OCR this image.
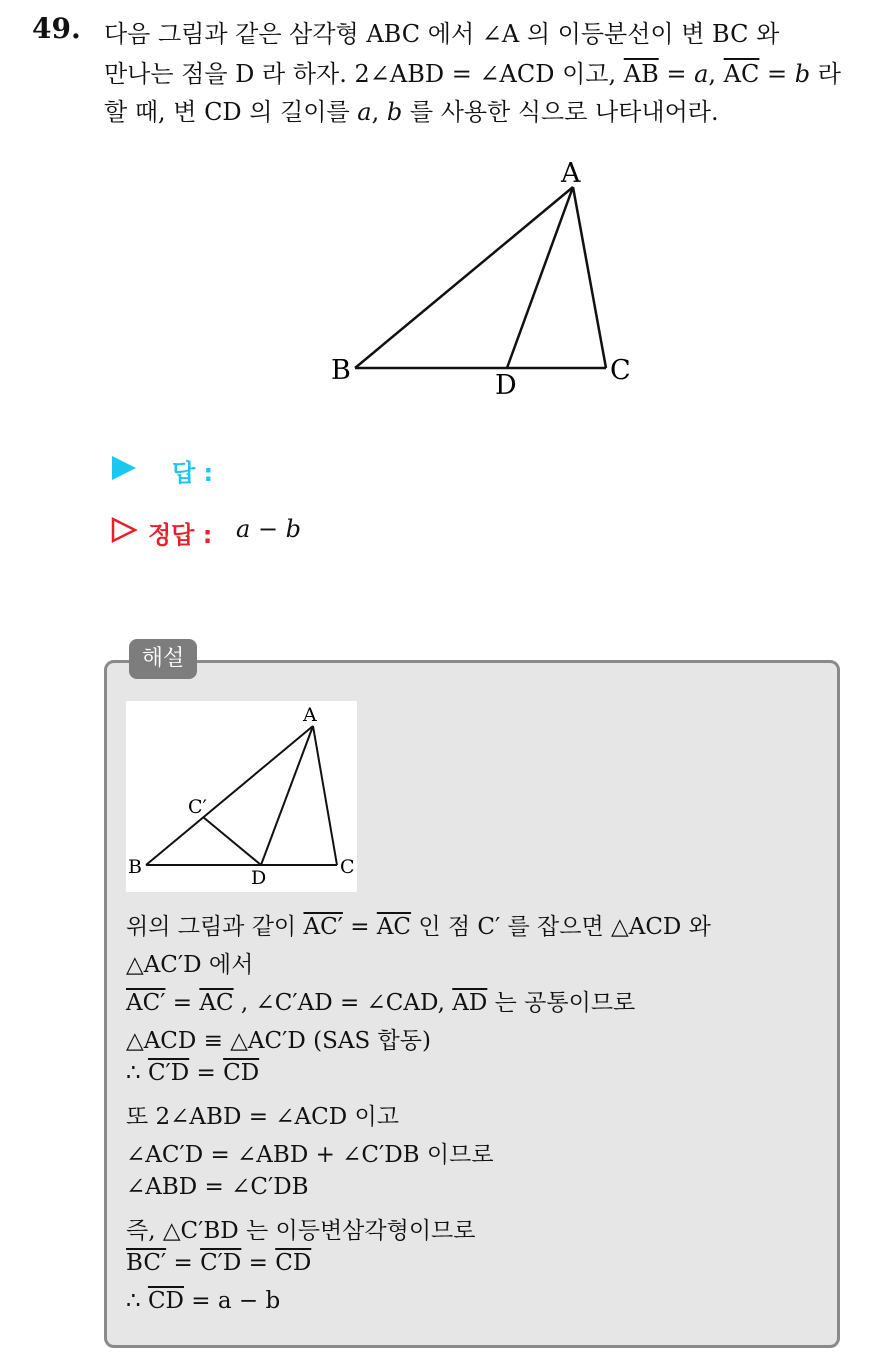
49. 다음 그림과 같은 삼각형 ABC 에서 ∠A 의 이등분선이 변 BC 와
만나는 점을 D 라 하자. 2∠ABD = ∠ACD 이고, $\overline{AB} = a$, $\overline{AC} = b$ 라
할 때, 변 CD 의 길이를 a, b 를 사용한 식으로 나타내어라.
A
B	C
D
답 :
정답 : a − b
해설
A
B	C
D
C′
위의 그림과 같이 $AC' = \overline{AC}$ 인 점 C′ 를 잡으면 △ACD 와
△AC′D 에서
$AC' = \overline{AC}$ , ∠C′AD = ∠CAD, $\overline{AD}$ 는 공통이므로
△ACD ≡ △AC′D (SAS 합동)
∴ $C'D = \overline{CD}$
또 2∠ABD = ∠ACD 이고
∠AC′D = ∠ABD + ∠C′DB 이므로
∠ABD = ∠C′DB
즉, △C′BD 는 이등변삼각형이므로
$BC' = C'D = \overline{CD}$
∴ $\overline{CD} = a - b$
